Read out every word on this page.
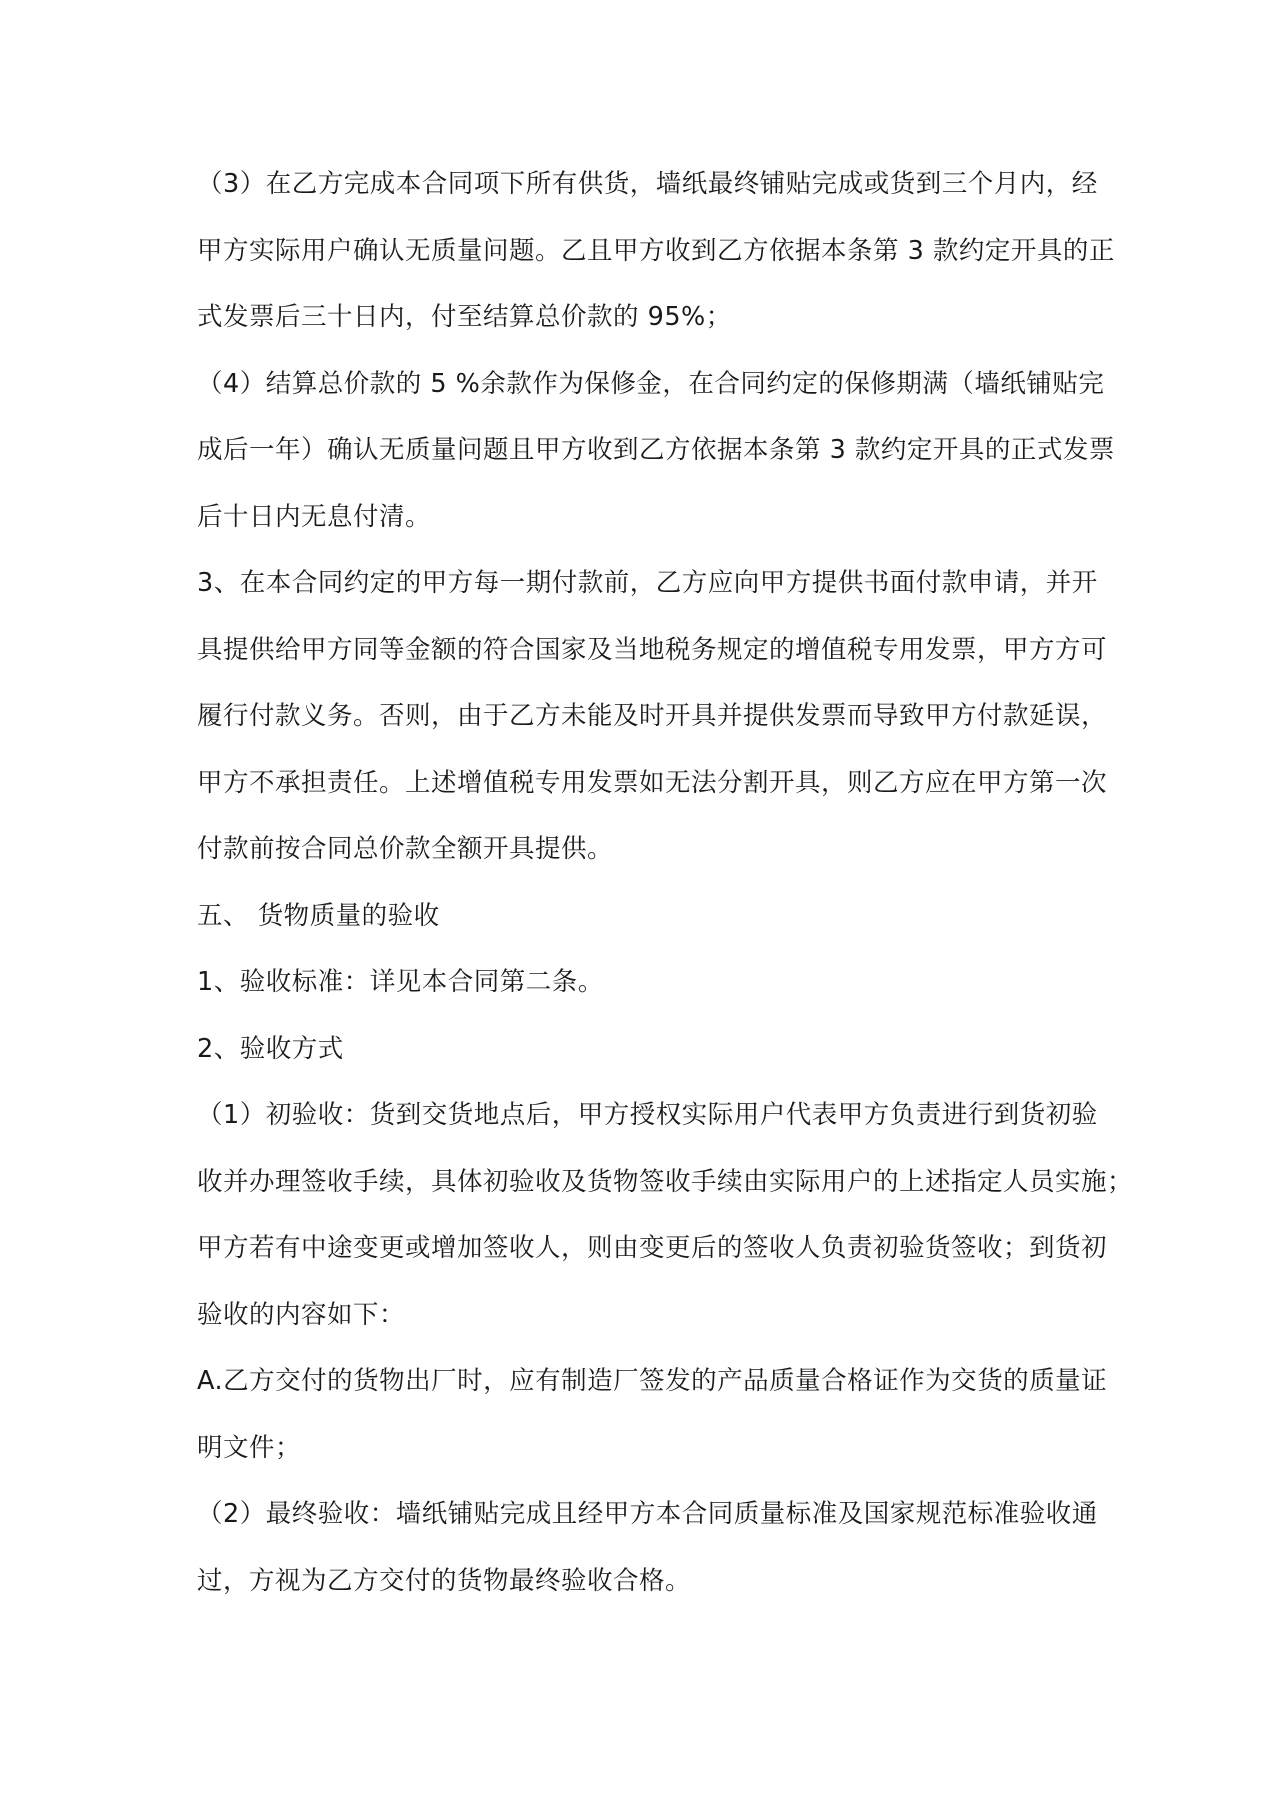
（3）在乙方完成本合同项下所有供货，墙纸最终铺贴完成或货到三个月内，经
甲方实际用户确认无质量问题。乙且甲方收到乙方依据本条第 3 款约定开具的正
式发票后三十日内，付至结算总价款的 95%；
（4）结算总价款的 5 %余款作为保修金，在合同约定的保修期满（墙纸铺贴完
成后一年）确认无质量问题且甲方收到乙方依据本条第 3 款约定开具的正式发票
后十日内无息付清。
3、在本合同约定的甲方每一期付款前，乙方应向甲方提供书面付款申请，并开
具提供给甲方同等金额的符合国家及当地税务规定的增值税专用发票，甲方方可
履行付款义务。否则，由于乙方未能及时开具并提供发票而导致甲方付款延误，
甲方不承担责任。上述增值税专用发票如无法分割开具，则乙方应在甲方第一次
付款前按合同总价款全额开具提供。
五、 货物质量的验收
1、验收标准：详见本合同第二条。
2、验收方式
（1）初验收：货到交货地点后，甲方授权实际用户代表甲方负责进行到货初验
收并办理签收手续，具体初验收及货物签收手续由实际用户的上述指定人员实施；
甲方若有中途变更或增加签收人，则由变更后的签收人负责初验货签收；到货初
验收的内容如下：
A.乙方交付的货物出厂时，应有制造厂签发的产品质量合格证作为交货的质量证
明文件；
（2）最终验收：墙纸铺贴完成且经甲方本合同质量标准及国家规范标准验收通
过，方视为乙方交付的货物最终验收合格。
